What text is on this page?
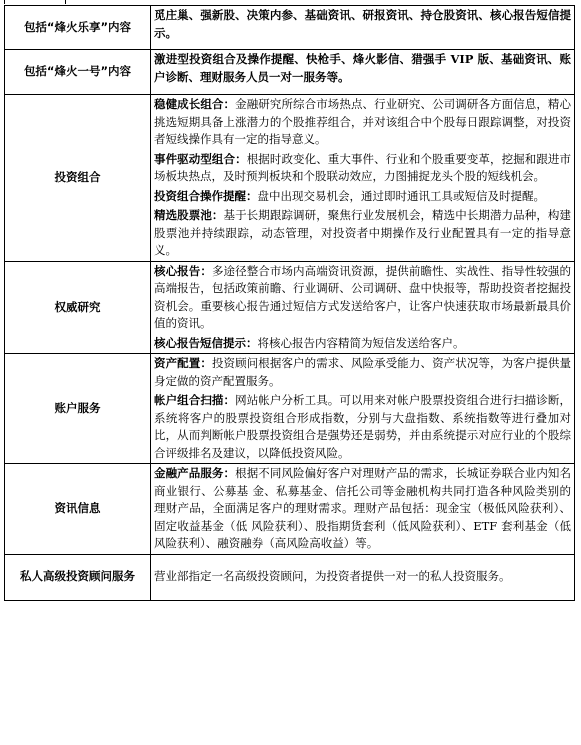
包括“烽火乐享”内容	觅庄巢、强新股、决策内参、基础资讯、研报资讯、持仓股资讯、核心报告短信提示。

包括“烽火一号”内容	激进型投资组合及操作提醒、快枪手、烽火影信、猎强手 VIP 版、基础资讯、账户诊断、理财服务人员一对一服务等。

投资组合	稳健成长组合：金融研究所综合市场热点、行业研究、公司调研各方面信息，精心挑选短期具备上涨潜力的个股推荐组合，并对该组合中个股每日跟踪调整，对投资者短线操作具有一定的指导意义。

事件驱动型组合：根据时政变化、重大事件、行业和个股重要变革，挖掘和跟进市场板块热点，及时预判板块和个股联动效应，力图捕捉龙头个股的短线机会。

投资组合操作提醒：盘中出现交易机会，通过即时通讯工具或短信及时提醒。

精选股票池：基于长期跟踪调研，聚焦行业发展机会，精选中长期潜力品种，构建股票池并持续跟踪，动态管理，对投资者中期操作及行业配置具有一定的指导意义。

权威研究	核心报告：多途径整合市场内高端资讯资源，提供前瞻性、实战性、指导性较强的高端报告，包括政策前瞻、行业调研、公司调研、盘中快报等，帮助投资者挖掘投资机会。重要核心报告通过短信方式发送给客户，让客户快速获取市场最新最具价值的资讯。

核心报告短信提示：将核心报告内容精简为短信发送给客户。

账户服务	资产配置：投资顾问根据客户的需求、风险承受能力、资产状况等，为客户提供量身定做的资产配置服务。

帐户组合扫描：网站帐户分析工具。可以用来对帐户股票投资组合进行扫描诊断，系统将客户的股票投资组合形成指数，分别与大盘指数、系统指数等进行叠加对比，从而判断帐户股票投资组合是强势还是弱势，并由系统提示对应行业的个股综合评级排名及建议，以降低投资风险。

资讯信息	金融产品服务：根据不同风险偏好客户对理财产品的需求，长城证券联合业内知名商业银行、公募基 金、私募基金、信托公司等金融机构共同打造各种风险类别的理财产品，全面满足客户的理财需求。理财产品包括：现金宝（极低风险获利）、固定收益基金（低 风险获利）、股指期货套利（低风险获利）、ETF 套利基金（低风险获利）、融资融券（高风险高收益）等。

私人高级投资顾问服务	营业部指定一名高级投资顾问，为投资者提供一对一的私人投资服务。
